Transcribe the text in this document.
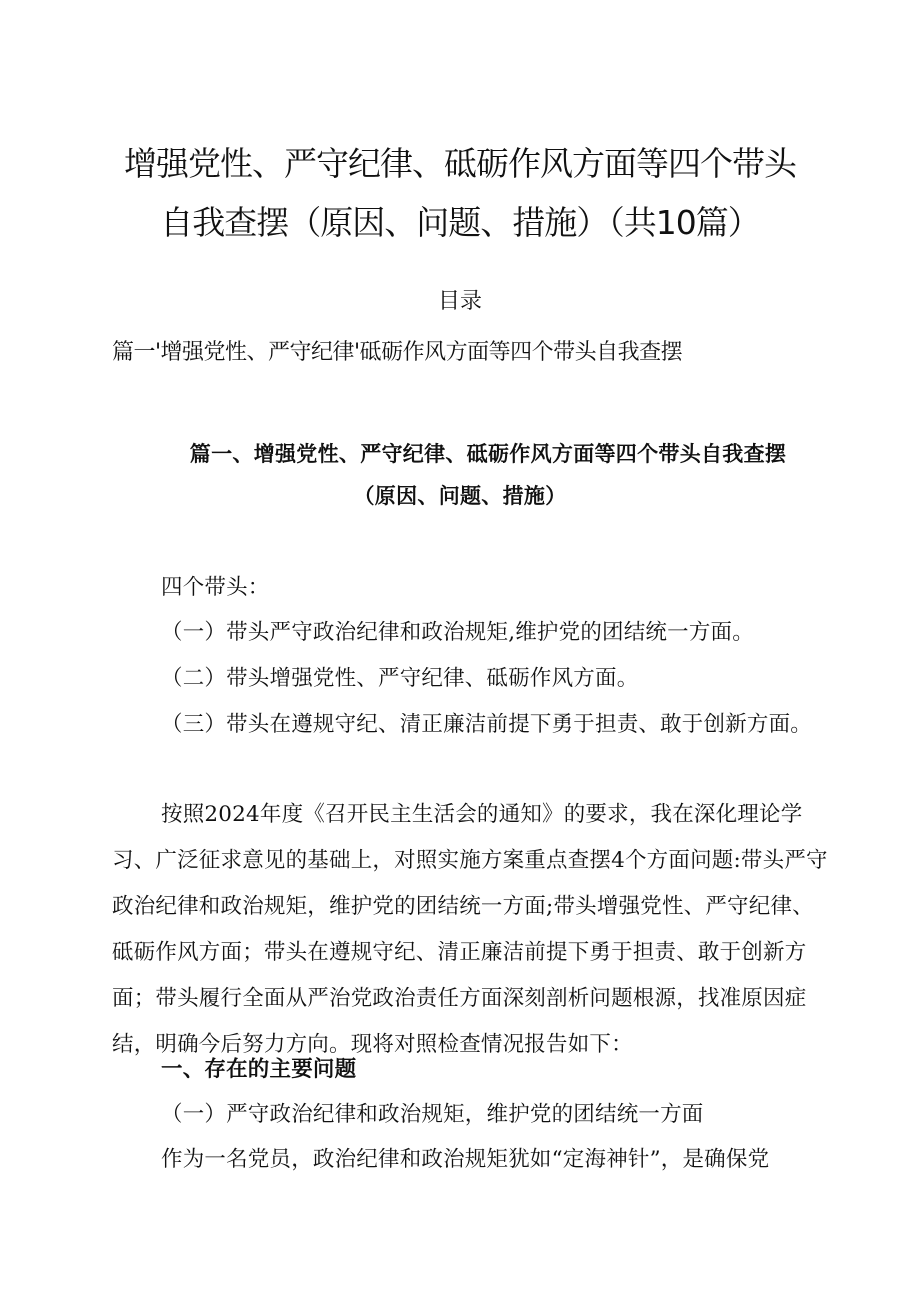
增强党性、严守纪律、砥砺作风方面等四个带头
自我查摆（原因、问题、措施）（共10篇）
目录
篇一'增强党性、严守纪律'砥砺作风方面等四个带头自我查摆
篇一、增强党性、严守纪律、砥砺作风方面等四个带头自我查摆
（原因、问题、措施）

四个带头：

（一）带头严守政治纪律和政治规矩,维护党的团结统一方面。

（二）带头增强党性、严守纪律、砥砺作风方面。

（三）带头在遵规守纪、清正廉洁前提下勇于担责、敢于创新方面。

按照2024年度《召开民主生活会的通知》的要求，我在深化理论学习、广泛征求意见的基础上，对照实施方案重点查摆4个方面问题:带头严守政治纪律和政治规矩，维护党的团结统一方面;带头增强党性、严守纪律、砥砺作风方面；带头在遵规守纪、清正廉洁前提下勇于担责、敢于创新方面；带头履行全面从严治党政治责任方面深刻剖析问题根源，找准原因症结，明确今后努力方向。现将对照检查情况报告如下：

一、存在的主要问题

（一）严守政治纪律和政治规矩，维护党的团结统一方面

作为一名党员，政治纪律和政治规矩犹如“定海神针”，是确保党
